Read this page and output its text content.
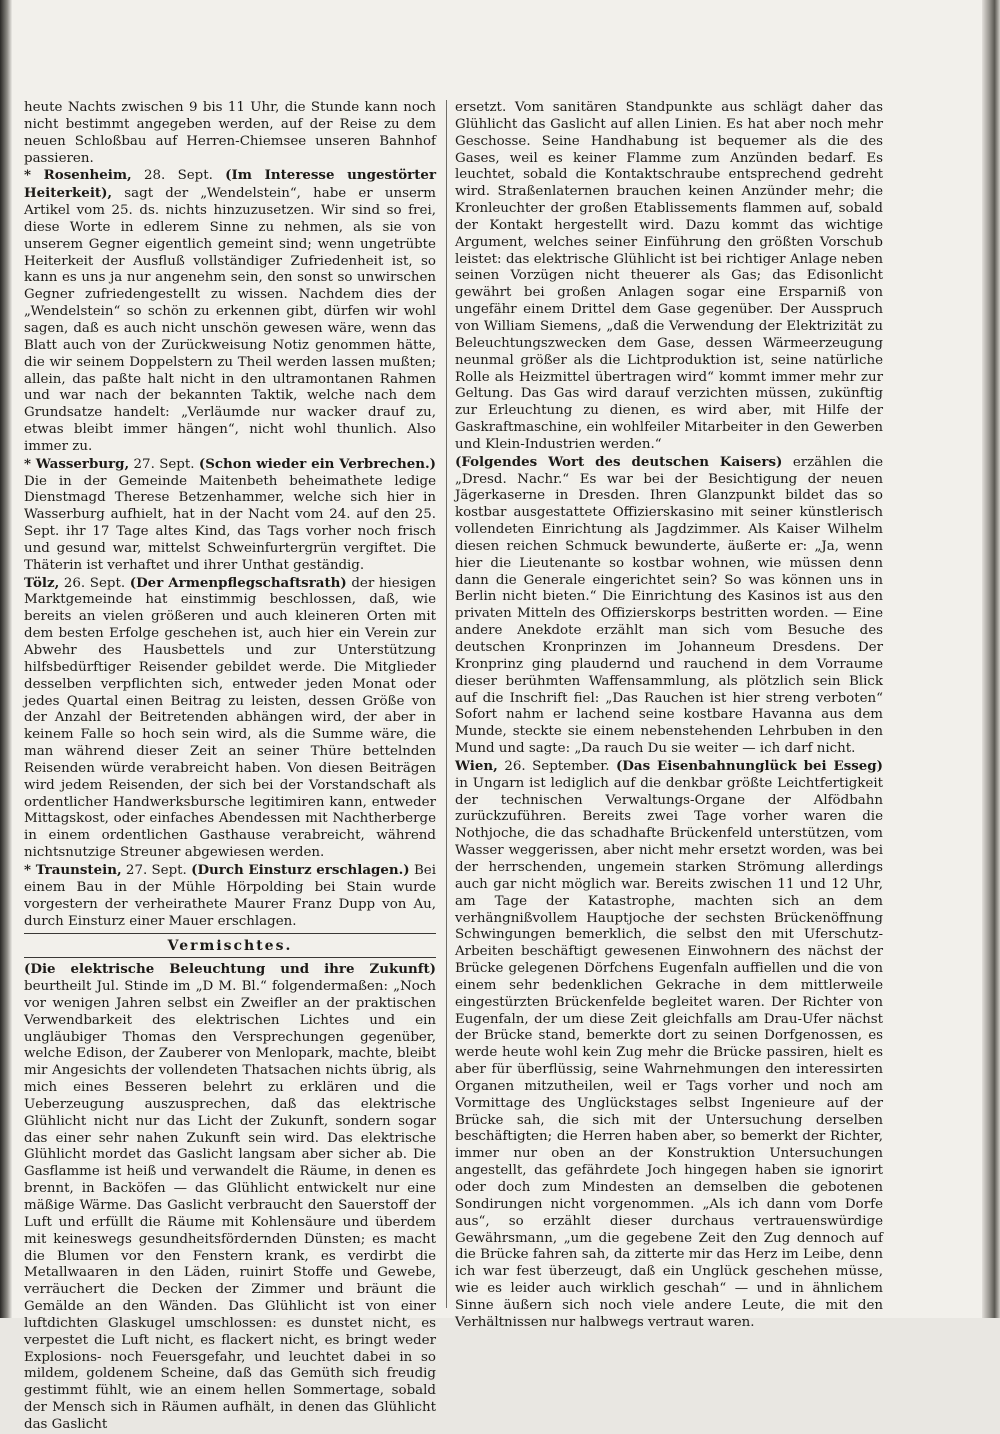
heute Nachts zwischen 9 bis 11 Uhr, die Stunde kann noch nicht bestimmt angegeben werden, auf der Reise zu dem neuen Schloßbau auf Herren-Chiemsee unseren Bahnhof passieren.

* Rosenheim, 28. Sept. (Im Interesse ungestörter Heiterkeit), sagt der „Wendelstein“, habe er unserm Artikel vom 25. ds. nichts hinzuzusetzen. Wir sind so frei, diese Worte in edlerem Sinne zu nehmen, als sie von unserem Gegner eigentlich gemeint sind; wenn ungetrübte Heiterkeit der Ausfluß vollständiger Zufriedenheit ist, so kann es uns ja nur angenehm sein, den sonst so unwirschen Gegner zufriedengestellt zu wissen. Nachdem dies der „Wendelstein“ so schön zu erkennen gibt, dürfen wir wohl sagen, daß es auch nicht unschön gewesen wäre, wenn das Blatt auch von der Zurückweisung Notiz genommen hätte, die wir seinem Doppelstern zu Theil werden lassen mußten; allein, das paßte halt nicht in den ultramontanen Rahmen und war nach der bekannten Taktik, welche nach dem Grundsatze handelt: „Verläumde nur wacker drauf zu, etwas bleibt immer hängen“, nicht wohl thunlich. Also immer zu.

* Wasserburg, 27. Sept. (Schon wieder ein Verbrechen.) Die in der Gemeinde Maitenbeth beheimathete ledige Dienstmagd Therese Betzenhammer, welche sich hier in Wasserburg aufhielt, hat in der Nacht vom 24. auf den 25. Sept. ihr 17 Tage altes Kind, das Tags vorher noch frisch und gesund war, mittelst Schweinfurtergrün vergiftet. Die Thäterin ist verhaftet und ihrer Unthat geständig.

Tölz, 26. Sept. (Der Armenpflegschaftsrath) der hiesigen Marktgemeinde hat einstimmig beschlossen, daß, wie bereits an vielen größeren und auch kleineren Orten mit dem besten Erfolge geschehen ist, auch hier ein Verein zur Abwehr des Hausbettels und zur Unterstützung hilfsbedürftiger Reisender gebildet werde. Die Mitglieder desselben verpflichten sich, entweder jeden Monat oder jedes Quartal einen Beitrag zu leisten, dessen Größe von der Anzahl der Beitretenden abhängen wird, der aber in keinem Falle so hoch sein wird, als die Summe wäre, die man während dieser Zeit an seiner Thüre bettelnden Reisenden würde verabreicht haben. Von diesen Beiträgen wird jedem Reisenden, der sich bei der Vorstandschaft als ordentlicher Handwerksbursche legitimiren kann, entweder Mittagskost, oder einfaches Abendessen mit Nachtherberge in einem ordentlichen Gasthause verabreicht, während nichtsnutzige Streuner abgewiesen werden.

* Traunstein, 27. Sept. (Durch Einsturz erschlagen.) Bei einem Bau in der Mühle Hörpolding bei Stain wurde vorgestern der verheirathete Maurer Franz Dupp von Au, durch Einsturz einer Mauer erschlagen.

Vermischtes.

(Die elektrische Beleuchtung und ihre Zukunft) beurtheilt Jul. Stinde im „D M. Bl.“ folgendermaßen: „Noch vor wenigen Jahren selbst ein Zweifler an der praktischen Verwendbarkeit des elektrischen Lichtes und ein ungläubiger Thomas den Versprechungen gegenüber, welche Edison, der Zauberer von Menlopark, machte, bleibt mir Angesichts der vollendeten Thatsachen nichts übrig, als mich eines Besseren belehrt zu erklären und die Ueberzeugung auszusprechen, daß das elektrische Glühlicht nicht nur das Licht der Zukunft, sondern sogar das einer sehr nahen Zukunft sein wird. Das elektrische Glühlicht mordet das Gaslicht langsam aber sicher ab. Die Gasflamme ist heiß und verwandelt die Räume, in denen es brennt, in Backöfen — das Glühlicht entwickelt nur eine mäßige Wärme. Das Gaslicht verbraucht den Sauerstoff der Luft und erfüllt die Räume mit Kohlensäure und überdem mit keineswegs gesundheitsfördernden Dünsten; es macht die Blumen vor den Fenstern krank, es verdirbt die Metallwaaren in den Läden, ruinirt Stoffe und Gewebe, verräuchert die Decken der Zimmer und bräunt die Gemälde an den Wänden. Das Glühlicht ist von einer luftdichten Glaskugel umschlossen: es dunstet nicht, es verpestet die Luft nicht, es flackert nicht, es bringt weder Explosions- noch Feuersgefahr, und leuchtet dabei in so mildem, goldenem Scheine, daß das Gemüth sich freudig gestimmt fühlt, wie an einem hellen Sommertage, sobald der Mensch sich in Räumen aufhält, in denen das Glühlicht das Gaslicht

ersetzt. Vom sanitären Standpunkte aus schlägt daher das Glühlicht das Gaslicht auf allen Linien. Es hat aber noch mehr Geschosse. Seine Handhabung ist bequemer als die des Gases, weil es keiner Flamme zum Anzünden bedarf. Es leuchtet, sobald die Kontaktschraube entsprechend gedreht wird. Straßenlaternen brauchen keinen Anzünder mehr; die Kronleuchter der großen Etablissements flammen auf, sobald der Kontakt hergestellt wird. Dazu kommt das wichtige Argument, welches seiner Einführung den größten Vorschub leistet: das elektrische Glühlicht ist bei richtiger Anlage neben seinen Vorzügen nicht theuerer als Gas; das Edisonlicht gewährt bei großen Anlagen sogar eine Ersparniß von ungefähr einem Drittel dem Gase gegenüber. Der Ausspruch von William Siemens, „daß die Verwendung der Elektrizität zu Beleuchtungszwecken dem Gase, dessen Wärmeerzeugung neunmal größer als die Lichtproduktion ist, seine natürliche Rolle als Heizmittel übertragen wird“ kommt immer mehr zur Geltung. Das Gas wird darauf verzichten müssen, zukünftig zur Erleuchtung zu dienen, es wird aber, mit Hilfe der Gaskraftmaschine, ein wohlfeiler Mitarbeiter in den Gewerben und Klein-Industrien werden.“

(Folgendes Wort des deutschen Kaisers) erzählen die „Dresd. Nachr.“ Es war bei der Besichtigung der neuen Jägerkaserne in Dresden. Ihren Glanzpunkt bildet das so kostbar ausgestattete Offizierskasino mit seiner künstlerisch vollendeten Einrichtung als Jagdzimmer. Als Kaiser Wilhelm diesen reichen Schmuck bewunderte, äußerte er: „Ja, wenn hier die Lieutenante so kostbar wohnen, wie müssen denn dann die Generale eingerichtet sein? So was können uns in Berlin nicht bieten.“ Die Einrichtung des Kasinos ist aus den privaten Mitteln des Offizierskorps bestritten worden. — Eine andere Anekdote erzählt man sich vom Besuche des deutschen Kronprinzen im Johanneum Dresdens. Der Kronprinz ging plaudernd und rauchend in dem Vorraume dieser berühmten Waffensammlung, als plötzlich sein Blick auf die Inschrift fiel: „Das Rauchen ist hier streng verboten“ Sofort nahm er lachend seine kostbare Havanna aus dem Munde, steckte sie einem nebenstehenden Lehrbuben in den Mund und sagte: „Da rauch Du sie weiter — ich darf nicht.

Wien, 26. September. (Das Eisenbahnunglück bei Esseg) in Ungarn ist lediglich auf die denkbar größte Leichtfertigkeit der technischen Verwaltungs-Organe der Alfödbahn zurückzuführen. Bereits zwei Tage vorher waren die Nothjoche, die das schadhafte Brückenfeld unterstützen, vom Wasser weggerissen, aber nicht mehr ersetzt worden, was bei der herrschenden, ungemein starken Strömung allerdings auch gar nicht möglich war. Bereits zwischen 11 und 12 Uhr, am Tage der Katastrophe, machten sich an dem verhängnißvollem Hauptjoche der sechsten Brückenöffnung Schwingungen bemerklich, die selbst den mit Uferschutz-Arbeiten beschäftigt gewesenen Einwohnern des nächst der Brücke gelegenen Dörfchens Eugenfaln auffiellen und die von einem sehr bedenklichen Gekrache in dem mittlerweile eingestürzten Brückenfelde begleitet waren. Der Richter von Eugenfaln, der um diese Zeit gleichfalls am Drau-Ufer nächst der Brücke stand, bemerkte dort zu seinen Dorfgenossen, es werde heute wohl kein Zug mehr die Brücke passiren, hielt es aber für überflüssig, seine Wahrnehmungen den interessirten Organen mitzutheilen, weil er Tags vorher und noch am Vormittage des Unglückstages selbst Ingenieure auf der Brücke sah, die sich mit der Untersuchung derselben beschäftigten; die Herren haben aber, so bemerkt der Richter, immer nur oben an der Konstruktion Untersuchungen angestellt, das gefährdete Joch hingegen haben sie ignorirt oder doch zum Mindesten an demselben die gebotenen Sondirungen nicht vorgenommen. „Als ich dann vom Dorfe aus“, so erzählt dieser durchaus vertrauenswürdige Gewährsmann, „um die gegebene Zeit den Zug dennoch auf die Brücke fahren sah, da zitterte mir das Herz im Leibe, denn ich war fest überzeugt, daß ein Unglück geschehen müsse, wie es leider auch wirklich geschah“ — und in ähnlichem Sinne äußern sich noch viele andere Leute, die mit den Verhältnissen nur halbwegs vertraut waren.
